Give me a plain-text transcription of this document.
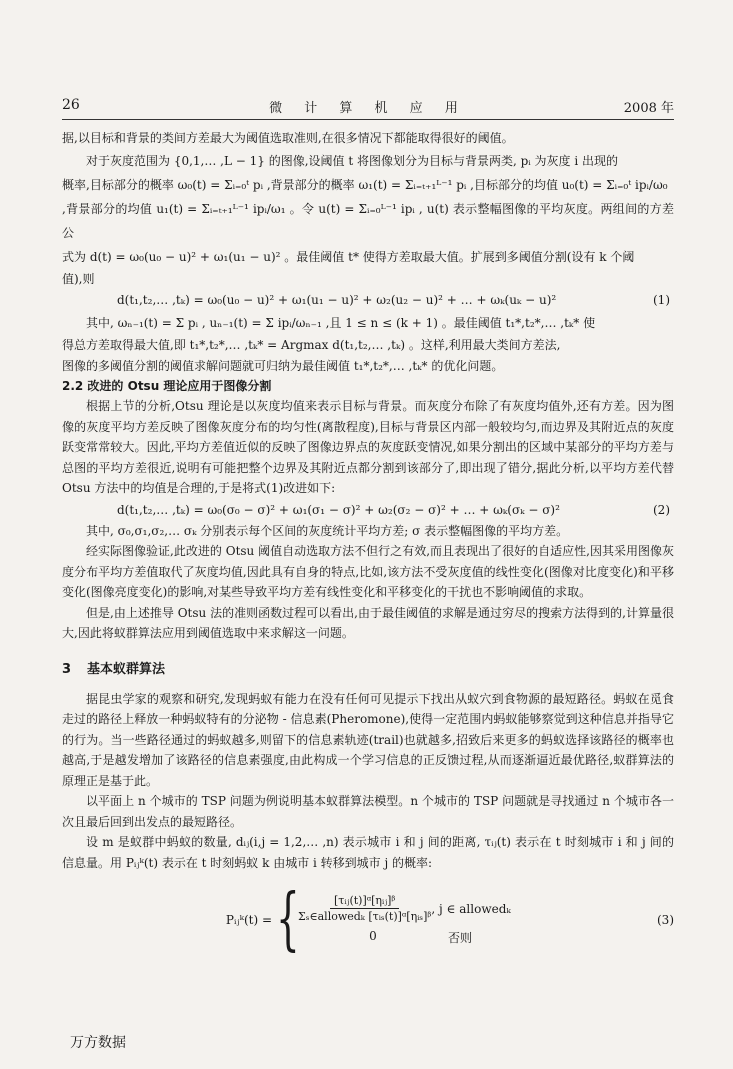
26	微 计 算 机 应 用	2008 年

据,以目标和背景的类间方差最大为阈值选取准则,在很多情况下都能取得很好的阈值。

对于灰度范围为 {0,1,… ,L − 1} 的图像,设阈值 t 将图像划分为目标与背景两类, pᵢ 为灰度 i 出现的

概率,目标部分的概率 ω₀(t) = Σᵢ₌₀ᵗ pᵢ ,背景部分的概率 ω₁(t) = Σᵢ₌ₜ₊₁ᴸ⁻¹ pᵢ ,目标部分的均值 u₀(t) = Σᵢ₌₀ᵗ ipᵢ/ω₀

,背景部分的均值 u₁(t) = Σᵢ₌ₜ₊₁ᴸ⁻¹ ipᵢ/ω₁ 。令 u(t) = Σᵢ₌₀ᴸ⁻¹ ipᵢ , u(t) 表示整幅图像的平均灰度。两组间的方差公

式为 d(t) = ω₀(u₀ − u)² + ω₁(u₁ − u)² 。最佳阈值 t* 使得方差取最大值。扩展到多阈值分割(设有 k 个阈

值),则

d(t₁,t₂,… ,tₖ) = ω₀(u₀ − u)² + ω₁(u₁ − u)² + ω₂(u₂ − u)² + … + ωₖ(uₖ − u)²	(1)

其中, ωₙ₋₁(t) = Σ pᵢ , uₙ₋₁(t) = Σ ipᵢ/ωₙ₋₁ ,且 1 ≤ n ≤ (k + 1) 。最佳阈值 t₁*,t₂*,… ,tₖ* 使

得总方差取得最大值,即 t₁*,t₂*,… ,tₖ* = Argmax d(t₁,t₂,… ,tₖ) 。这样,利用最大类间方差法,

图像的多阈值分割的阈值求解问题就可归纳为最佳阈值 t₁*,t₂*,… ,tₖ* 的优化问题。

2.2 改进的 Otsu 理论应用于图像分割

根据上节的分析,Otsu 理论是以灰度均值来表示目标与背景。而灰度分布除了有灰度均值外,还有方差。因为图像的灰度平均方差反映了图像灰度分布的均匀性(离散程度),目标与背景区内部一般较均匀,而边界及其附近点的灰度跃变常常较大。因此,平均方差值近似的反映了图像边界点的灰度跃变情况,如果分割出的区域中某部分的平均方差与总图的平均方差很近,说明有可能把整个边界及其附近点都分割到该部分了,即出现了错分,据此分析,以平均方差代替 Otsu 方法中的均值是合理的,于是将式(1)改进如下:

d(t₁,t₂,… ,tₖ) = ω₀(σ₀ − σ)² + ω₁(σ₁ − σ)² + ω₂(σ₂ − σ)² + … + ωₖ(σₖ − σ)²	(2)

其中, σ₀,σ₁,σ₂,… σₖ 分别表示每个区间的灰度统计平均方差; σ 表示整幅图像的平均方差。

经实际图像验证,此改进的 Otsu 阈值自动选取方法不但行之有效,而且表现出了很好的自适应性,因其采用图像灰度分布平均方差值取代了灰度均值,因此具有自身的特点,比如,该方法不受灰度值的线性变化(图像对比度变化)和平移变化(图像亮度变化)的影响,对某些导致平均方差有线性变化和平移变化的干扰也不影响阈值的求取。

但是,由上述推导 Otsu 法的准则函数过程可以看出,由于最佳阈值的求解是通过穷尽的搜索方法得到的,计算量很大,因此将蚁群算法应用到阈值选取中来求解这一问题。

3 基本蚁群算法

据昆虫学家的观察和研究,发现蚂蚁有能力在没有任何可见提示下找出从蚁穴到食物源的最短路径。蚂蚁在觅食走过的路径上释放一种蚂蚁特有的分泌物 - 信息素(Pheromone),使得一定范围内蚂蚁能够察觉到这种信息并指导它的行为。当一些路径通过的蚂蚁越多,则留下的信息素轨迹(trail)也就越多,招致后来更多的蚂蚁选择该路径的概率也越高,于是越发增加了该路径的信息素强度,由此构成一个学习信息的正反馈过程,从而逐渐逼近最优路径,蚁群算法的原理正是基于此。

以平面上 n 个城市的 TSP 问题为例说明基本蚁群算法模型。n 个城市的 TSP 问题就是寻找通过 n 个城市各一次且最后回到出发点的最短路径。

设 m 是蚁群中蚂蚁的数量, dᵢⱼ(i,j = 1,2,… ,n) 表示城市 i 和 j 间的距离, τᵢⱼ(t) 表示在 t 时刻城市 i 和 j 间的信息量。用 Pᵢⱼᵏ(t) 表示在 t 时刻蚂蚁 k 由城市 i 转移到城市 j 的概率:

Pᵢⱼᵏ(t) = {
$\frac{\text{[τᵢⱼ(t)]ᵅ[ηᵢⱼ]ᵝ}}{\text{Σₛ∈allowedₖ [τᵢₛ(t)]ᵅ[ηᵢₛ]ᵝ}}$ , j ∈ allowedₖ
0	否则
(3)
万方数据
